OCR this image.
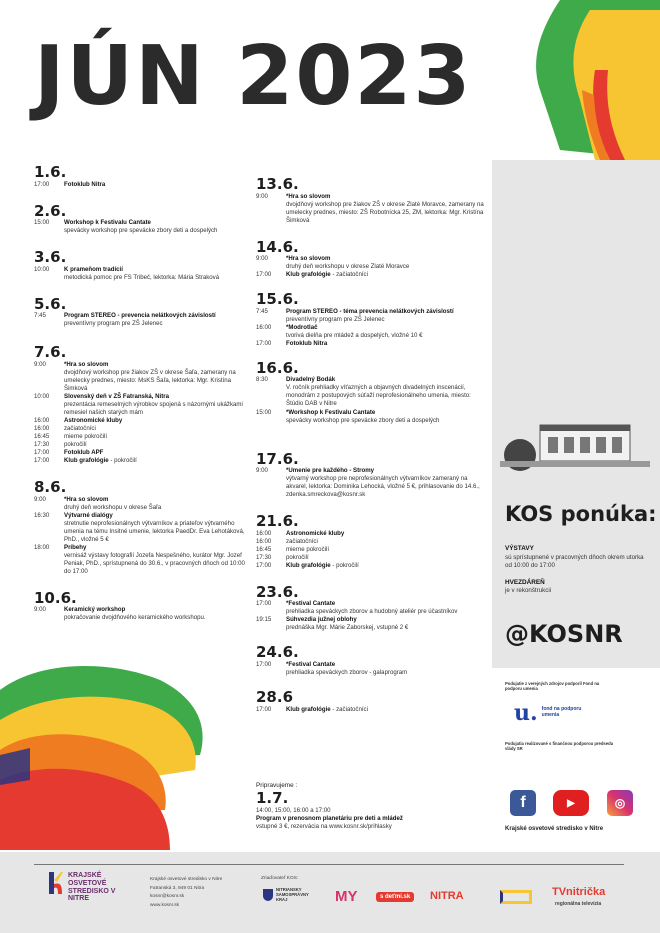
JÚN 2023
1.6.
17:00	Fotoklub Nitra
2.6.
15:00	Workshop k Festivalu Cantate
spevácky workshop pre spevácke zbory deti a dospelých
3.6.
10:00	K prameňom tradícií
metodická pomoc pre FS Tribeč, lektorka: Mária Straková
5.6.
7:45	Program STEREO - prevencia nelátkových závislostí
preventívny program pre ZŠ Jelenec
7.6.
9:00	*Hra so slovom
dvojdňový workshop pre žiakov ZŠ v okrese Šaľa, zamerany na umelecky prednes, miesto: MsKS Šaľa, lektorka: Mgr. Kristína Šimková
10:00	Slovenský deň v ZŠ Fatranská, Nitra
prezentácia remeselných výrobkov spojená s názornými ukážkami remesiel našich starých mám
16:00	Astronomické kluby
16:00	začiatočníci
16:45	mierne pokročilí
17:30	pokročilí
17:00	Fotoklub APF
17:00	Klub grafológie - pokročilí
8.6.
9:00	*Hra so slovom
druhý deň workshopu v okrese Šaľa
16:30	Výtvarné dialógy
stretnutie neprofesionálnych výtvarníkov a priateľov výtvarného umenia na tému Insitné umenie, lektorka PaedDr. Eva Lehotáková, PhD., vložné 5 €
18:00	Príbehy
vernisáž výstavy fotografií Jozefa Nespešného, kurátor Mgr. Jozef Peniak, PhD., sprístupnená do 30.6., v pracovných dňoch od 10:00 do 17:00
10.6.
9:00	Keramický workshop
pokračovanie dvojdňového keramického workshopu.
13.6.
9:00	*Hra so slovom
dvojdňový workshop pre žiakov ZŠ v okrese Zlaté Moravce, zamerany na umelecky prednes, miesto: ZŠ Robotnícka 25, ZM, lektorka: Mgr. Kristína Šimková
14.6.
9:00	*Hra so slovom
druhý deň workshopu v okrese Zlaté Moravce
17:00	Klub grafológie - začiatočníci
15.6.
7:45	Program STEREO - téma prevencia nelátkových závislostí
preventívny program pre ZŠ Jelenec
16:00	*Modrotlač
tvorivá dielňa pre mládež a dospelých, vložné 10 €
17:00	Fotoklub Nitra
16.6.
8:30	Divadelný Bodák
V. ročník prehliadky víťazných a objavných divadelných inscenácií, monodrám z postupových súťaží neprofesionálneho umenia, miesto: Štúdio DAB v Nitre
15:00	*Workshop k Festivalu Cantate
spevácky workshop pre spevácke zbory deti a dospelých
17.6.
9:00	*Umenie pre každého - Stromy
výtvarný workshop pre neprofesionálnych výtvarníkov zameraný na akvarel, lektorka: Dominika Lehocká, vložné 5 €, prihlasovanie do 14.6., zdenka.smreckova@kosnr.sk
21.6.
16:00	Astronomické kluby
16:00	začiatočníci
16:45	mierne pokročilí
17:30	pokročilí
17:00	Klub grafológie - pokročilí
23.6.
17:00	*Festival Cantate
prehliadka speváckych zborov a hudobný ateliér pre účastníkov
19:15	Súhvezdia južnej oblohy
prednáška Mgr. Márie Zaborskej, vstupné 2 €
24.6.
17:00	*Festival Cantate
prehliadka speváckych zborov - galaprogram
28.6
17:00	Klub grafológie - začiatočníci
KOS ponúka:
VÝSTAVY
sú sprístupnené v pracovných dňoch okrem utorka od 10:00 do 17:00

HVEZDÁREŇ
je v rekonštrukcii
@KOSNR
Podujatie z verejných zdrojov podporil Fond na podporu umenia
u. fond na podporu umenia
Podujatia realizované s finančnou podporou predsedu vlády SR
f	▶	◎
Krajské osvetové stredisko v Nitre
Pripravujeme :
1.7.
14:00, 15:00, 16:00 a 17:00
Program v prenosnom planetáriu pre deti a mládež
vstupné 3 €, rezervácia na www.kosnr.sk/prihlasky
KRAJSKÉ OSVETOVÉ STREDISKO V NITRE
Krajské osvetové stredisko v Nitre
Fatranská 3, 949 01 Nitra
kosnr@kosnr.sk
www.kosnr.sk
Zriaďovateľ KOS:
NITRIANSKY SAMOSPRÁVNY KRAJ	MY	s deťmi.sk	NITRA	TVnitrička
regionálna televízia
